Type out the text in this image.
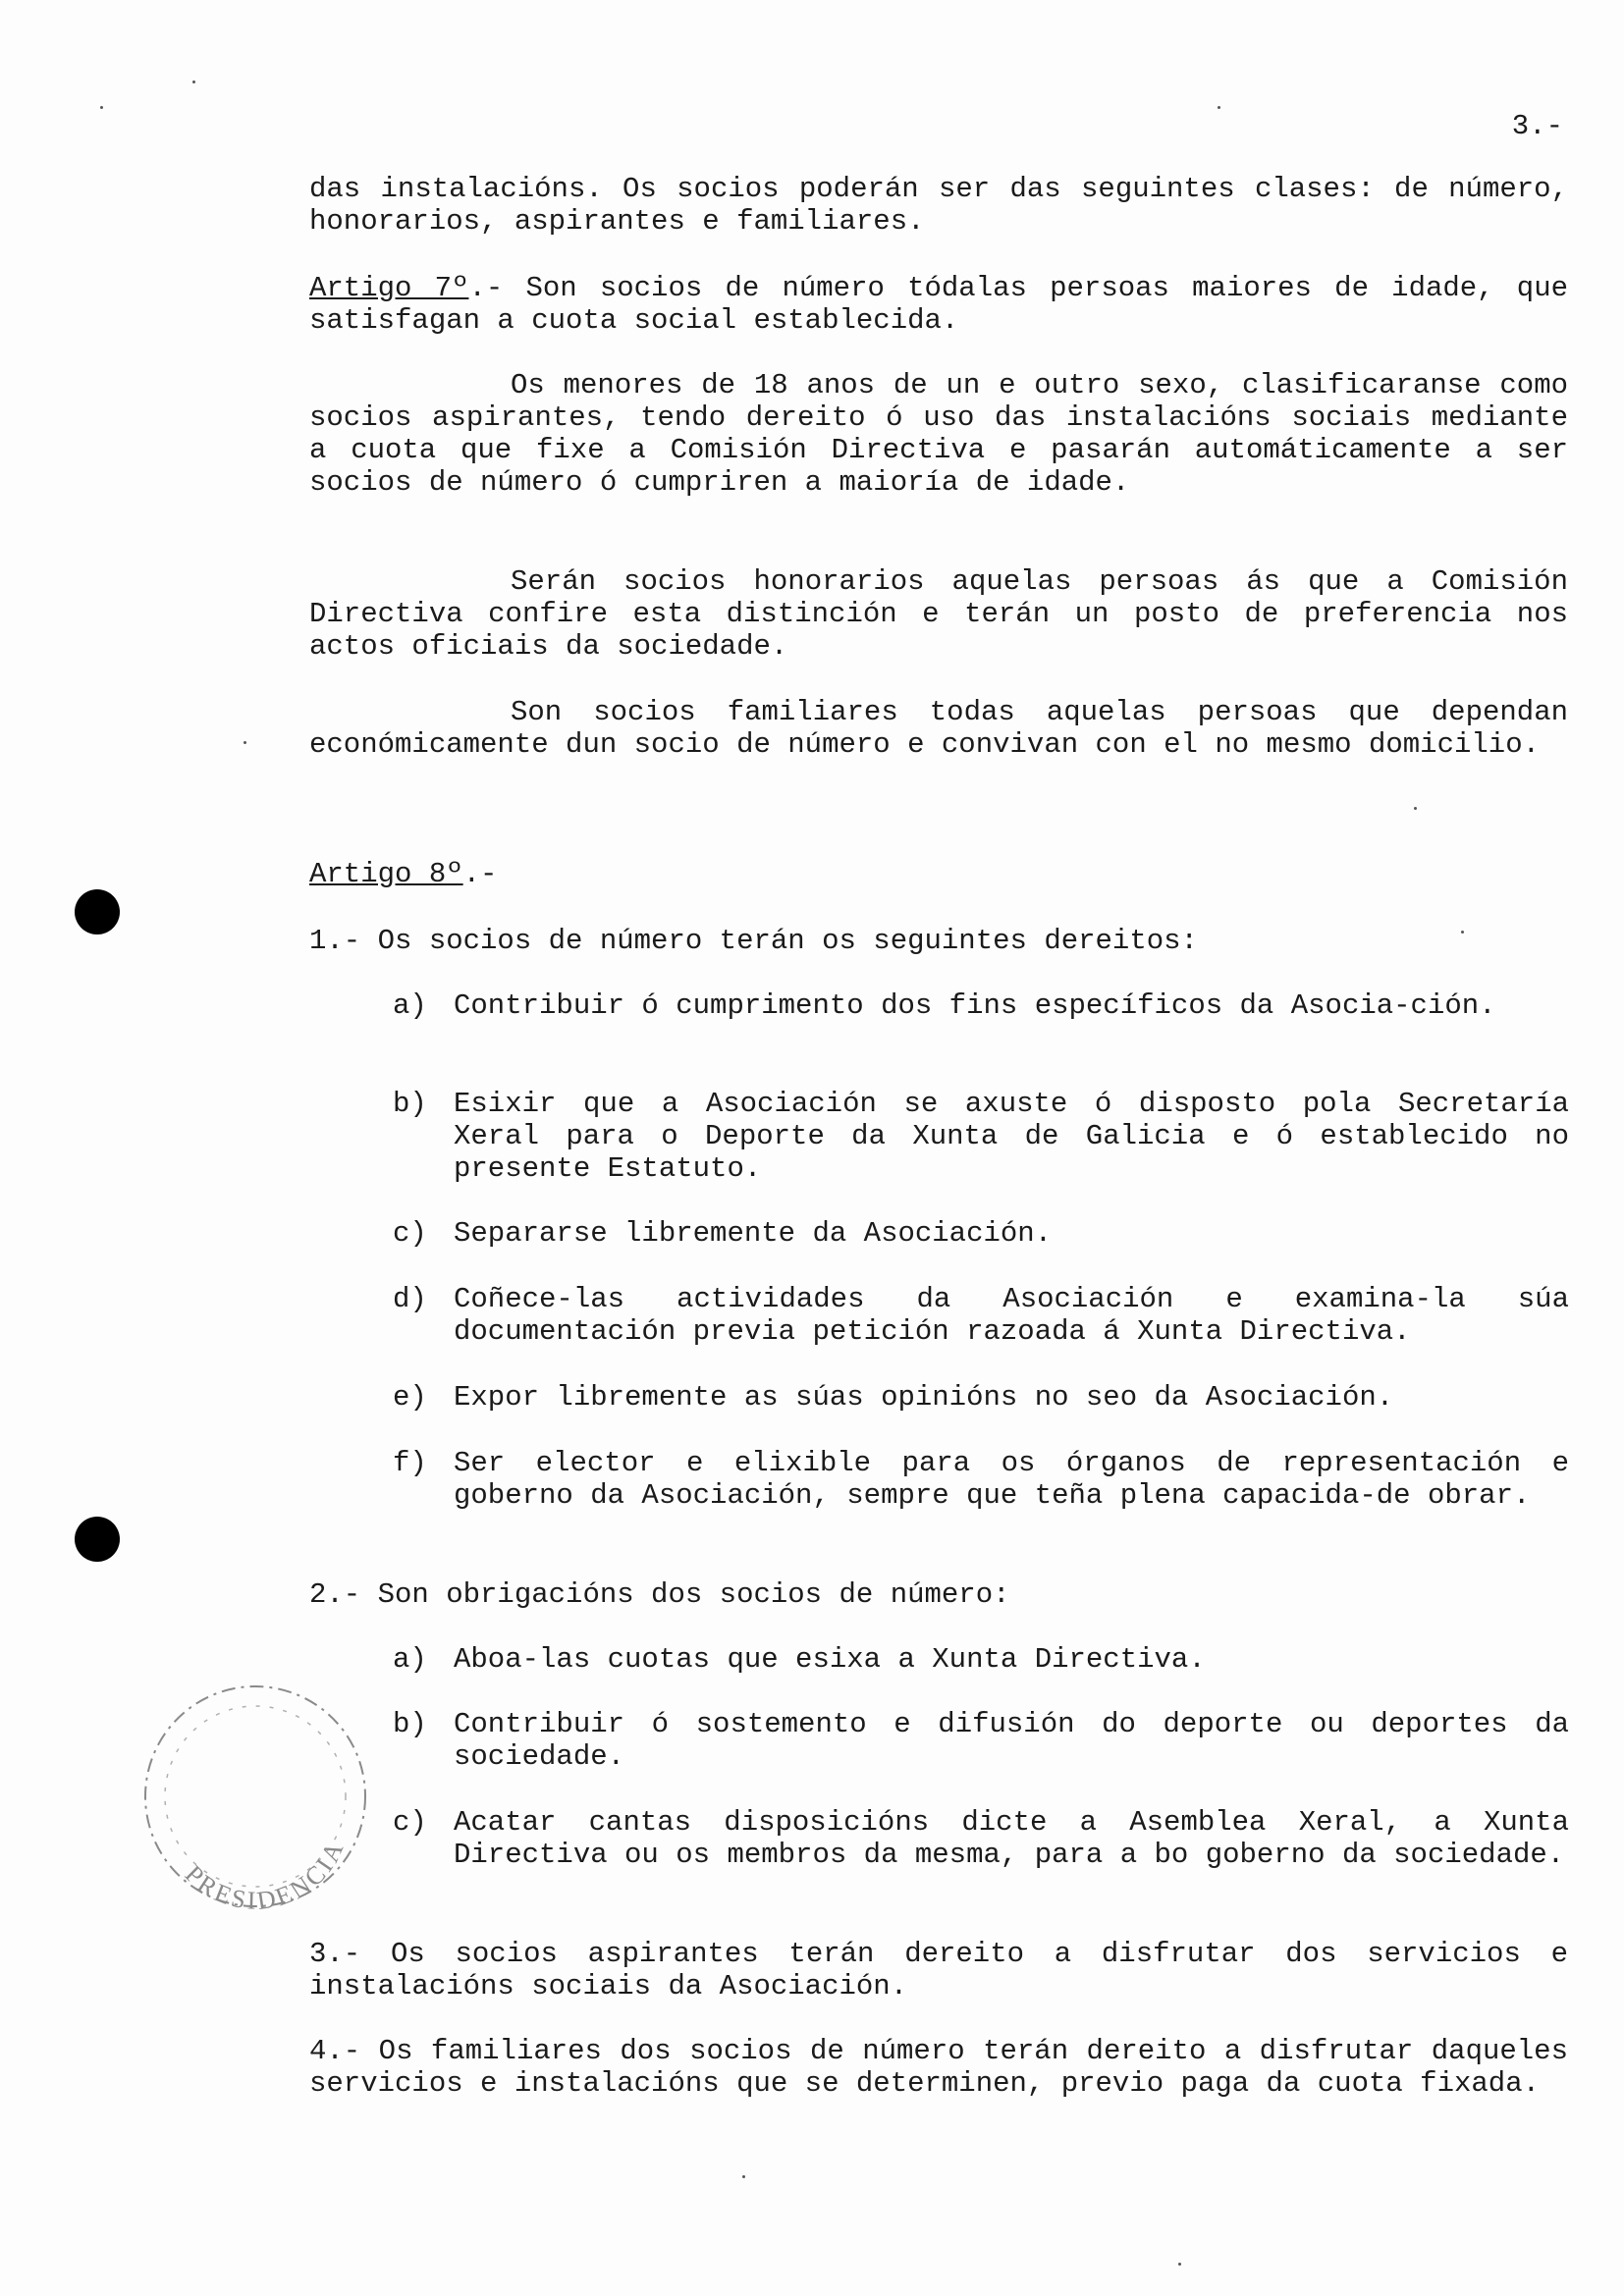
3.-

das instalacións. Os socios poderán ser das seguintes clases: de número, honorarios, aspirantes e familiares.

Artigo 7º.- Son socios de número tódalas persoas maiores de idade, que satisfagan a cuota social establecida.

Os menores de 18 anos de un e outro sexo, clasificaranse como socios aspirantes, tendo dereito ó uso das instalacións sociais mediante a cuota que fixe a Comisión Directiva e pasarán automáticamente a ser socios de número ó cumpriren a maioría de idade.

Serán socios honorarios aquelas persoas ás que a Comisión Directiva confire esta distinción e terán un posto de preferencia nos actos oficiais da sociedade.

Son socios familiares todas aquelas persoas que dependan económicamente dun socio de número e convivan con el no mesmo domicilio.

Artigo 8º.-

1.- Os socios de número terán os seguintes dereitos:

a) Contribuir ó cumprimento dos fins específicos da Asocia-ción.
b) Esixir que a Asociación se axuste ó disposto pola Secretaría Xeral para o Deporte da Xunta de Galicia e ó establecido no presente Estatuto.
c) Separarse libremente da Asociación.
d) Coñece-las actividades da Asociación e examina-la súa documentación previa petición razoada á Xunta Directiva.
e) Expor libremente as súas opinións no seo da Asociación.
f) Ser elector e elixible para os órganos de representación e goberno da Asociación, sempre que teña plena capacida-de obrar.

2.- Son obrigacións dos socios de número:

a) Aboa-las cuotas que esixa a Xunta Directiva.
b) Contribuir ó sostemento e difusión do deporte ou deportes da sociedade.
c) Acatar cantas disposicións dicte a Asemblea Xeral, a Xunta Directiva ou os membros da mesma, para a bo goberno da sociedade.

3.- Os socios aspirantes terán dereito a disfrutar dos servicios e instalacións sociais da Asociación.

4.- Os familiares dos socios de número terán dereito a disfrutar daqueles servicios e instalacións que se determinen, previo paga da cuota fixada.

PRESIDENCIA
